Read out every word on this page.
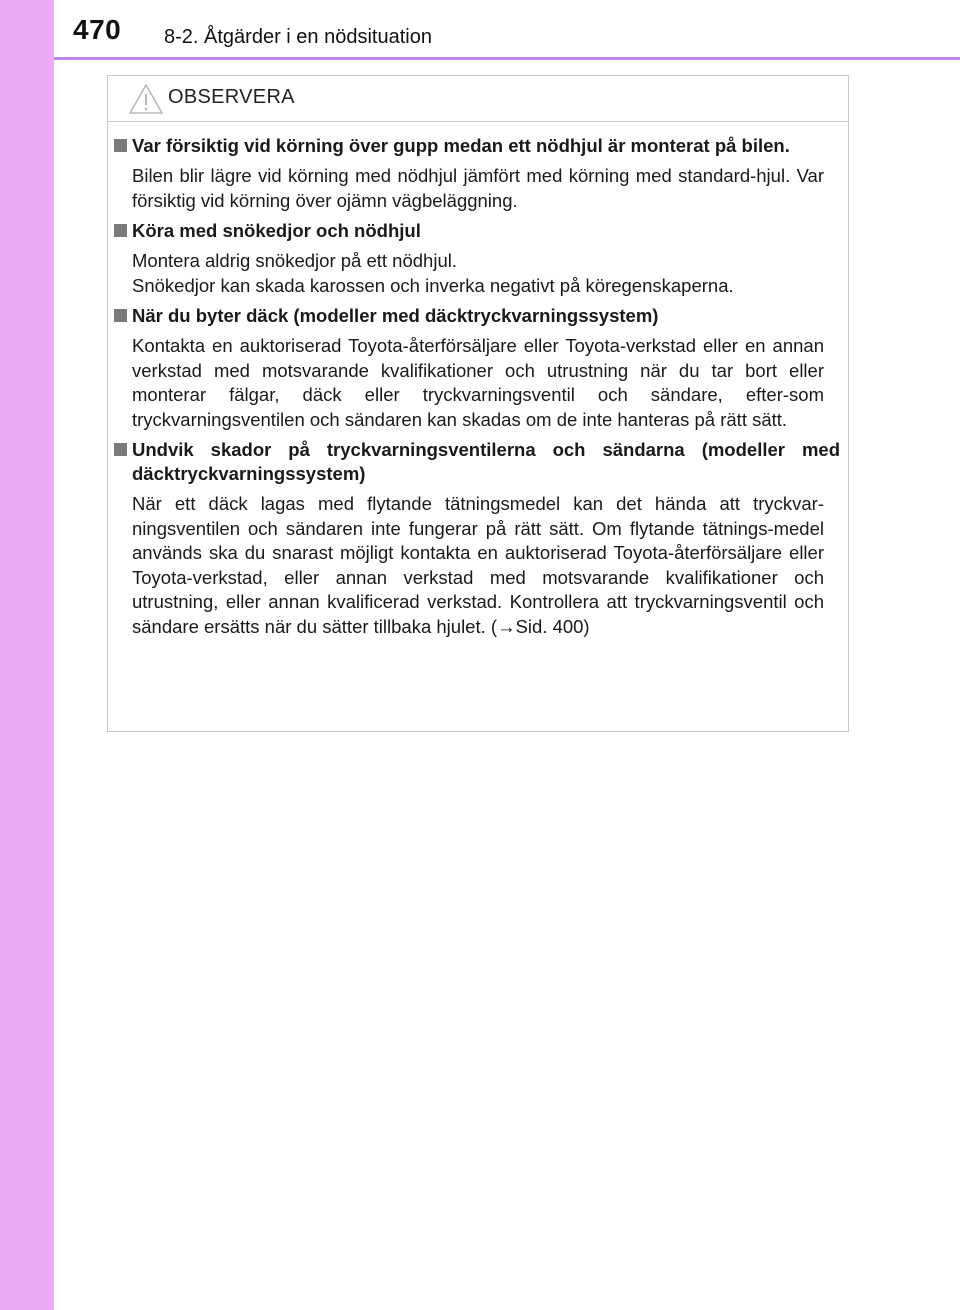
470 8-2. Åtgärder i en nödsituation
OBSERVERA
Var försiktig vid körning över gupp medan ett nödhjul är monterat på bilen.

Bilen blir lägre vid körning med nödhjul jämfört med körning med standard-hjul. Var försiktig vid körning över ojämn vägbeläggning.

Köra med snökedjor och nödhjul

Montera aldrig snökedjor på ett nödhjul.

Snökedjor kan skada karossen och inverka negativt på köregenskaperna.

När du byter däck (modeller med däcktryckvarningssystem)

Kontakta en auktoriserad Toyota-återförsäljare eller Toyota-verkstad eller en annan verkstad med motsvarande kvalifikationer och utrustning när du tar bort eller monterar fälgar, däck eller tryckvarningsventil och sändare, efter-som tryckvarningsventilen och sändaren kan skadas om de inte hanteras på rätt sätt.

Undvik skador på tryckvarningsventilerna och sändarna (modeller med däcktryckvarningssystem)

När ett däck lagas med flytande tätningsmedel kan det hända att tryckvar-ningsventilen och sändaren inte fungerar på rätt sätt. Om flytande tätnings-medel används ska du snarast möjligt kontakta en auktoriserad Toyota-återförsäljare eller Toyota-verkstad, eller annan verkstad med motsvarande kvalifikationer och utrustning, eller annan kvalificerad verkstad. Kontrollera att tryckvarningsventil och sändare ersätts när du sätter tillbaka hjulet. (→Sid. 400)
